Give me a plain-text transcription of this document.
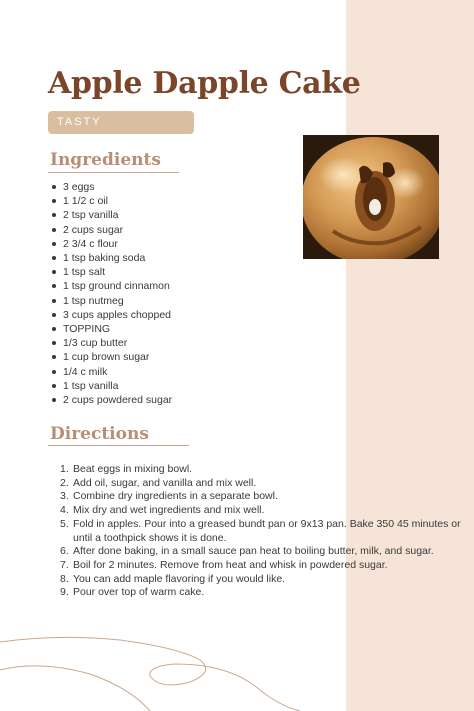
Apple Dapple Cake
TASTY
Ingredients
3 eggs
1 1/2 c oil
2 tsp vanilla
2 cups sugar
2 3/4 c flour
1 tsp baking soda
1 tsp salt
1 tsp ground cinnamon
1 tsp nutmeg
3 cups apples chopped
TOPPING
1/3 cup butter
1 cup brown sugar
1/4 c milk
1 tsp vanilla
2 cups powdered sugar
Directions
1. Beat eggs in mixing bowl.
2. Add oil, sugar, and vanilla and mix well.
3. Combine dry ingredients in a separate bowl.
4. Mix dry and wet ingredients and mix well.
5. Fold in apples. Pour into a greased bundt pan or 9x13 pan. Bake 350 45 minutes or until a toothpick shows it is done.
6. After done baking, in a small sauce pan heat to boiling butter, milk, and sugar.
7. Boil for 2 minutes. Remove from heat and whisk in powdered sugar.
8. You can add maple flavoring if you would like.
9. Pour over top of warm cake.
